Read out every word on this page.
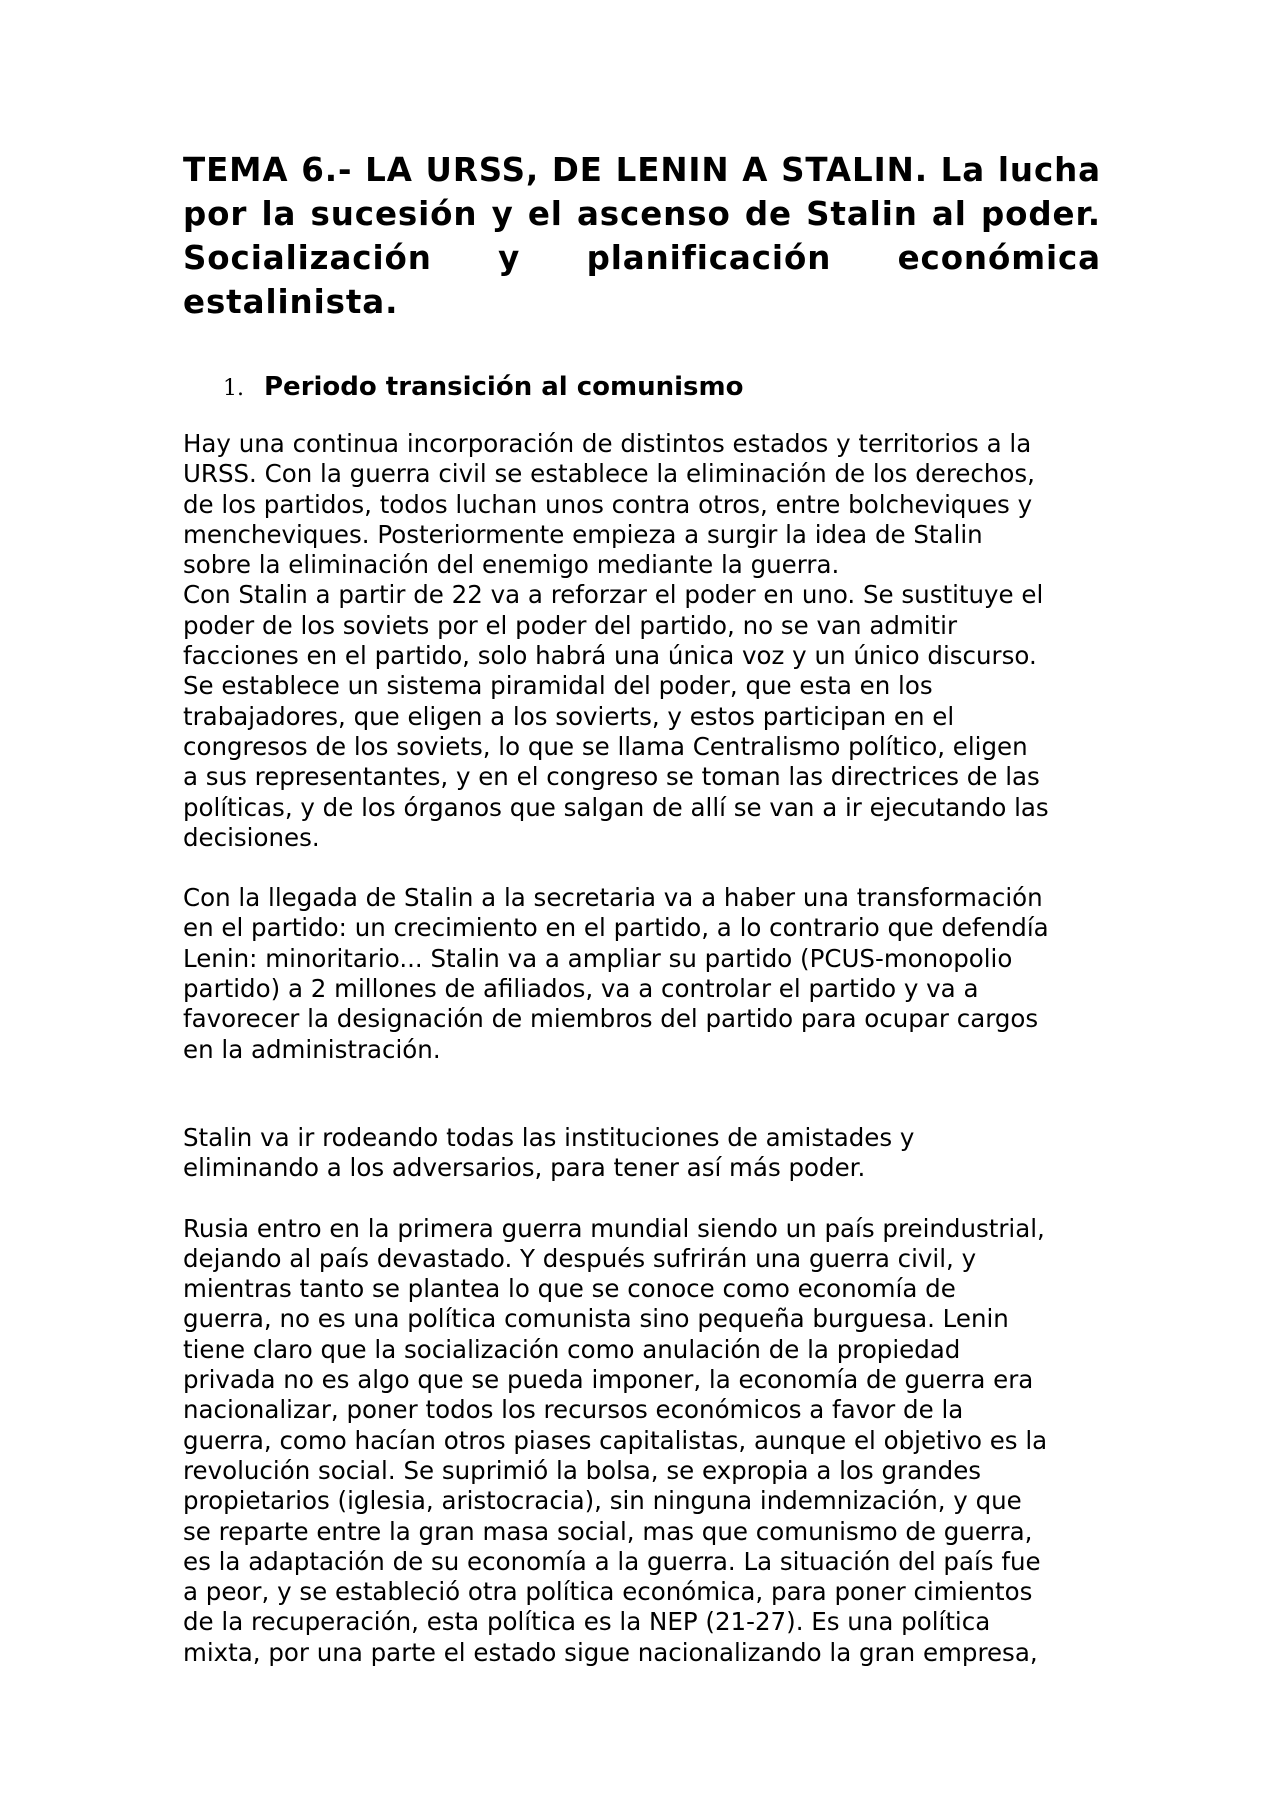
TEMA 6.- LA URSS, DE LENIN A STALIN. La lucha por la sucesión y el ascenso de Stalin al poder. Socialización y planificación económica estalinista.
1. Periodo transición al comunismo
Hay una continua incorporación de distintos estados y territorios a la
URSS. Con la guerra civil se establece la eliminación de los derechos,
de los partidos, todos luchan unos contra otros, entre bolcheviques y
mencheviques. Posteriormente empieza a surgir la idea de Stalin
sobre la eliminación del enemigo mediante la guerra.
Con Stalin a partir de 22 va a reforzar el poder en uno. Se sustituye el
poder de los soviets por el poder del partido, no se van admitir
facciones en el partido, solo habrá una única voz y un único discurso.
Se establece un sistema piramidal del poder, que esta en los
trabajadores, que eligen a los sovierts, y estos participan en el
congresos de los soviets, lo que se llama Centralismo político, eligen
a sus representantes, y en el congreso se toman las directrices de las
políticas, y de los órganos que salgan de allí se van a ir ejecutando las
decisiones.
Con la llegada de Stalin a la secretaria va a haber una transformación
en el partido: un crecimiento en el partido, a lo contrario que defendía
Lenin: minoritario... Stalin va a ampliar su partido (PCUS-monopolio
partido) a 2 millones de afiliados, va a controlar el partido y va a
favorecer la designación de miembros del partido para ocupar cargos
en la administración.
Stalin va ir rodeando todas las instituciones de amistades y
eliminando a los adversarios, para tener así más poder.
Rusia entro en la primera guerra mundial siendo un país preindustrial,
dejando al país devastado. Y después sufrirán una guerra civil, y
mientras tanto se plantea lo que se conoce como economía de
guerra, no es una política comunista sino pequeña burguesa. Lenin
tiene claro que la socialización como anulación de la propiedad
privada no es algo que se pueda imponer, la economía de guerra era
nacionalizar, poner todos los recursos económicos a favor de la
guerra, como hacían otros piases capitalistas, aunque el objetivo es la
revolución social. Se suprimió la bolsa, se expropia a los grandes
propietarios (iglesia, aristocracia), sin ninguna indemnización, y que
se reparte entre la gran masa social, mas que comunismo de guerra,
es la adaptación de su economía a la guerra. La situación del país fue
a peor, y se estableció otra política económica, para poner cimientos
de la recuperación, esta política es la NEP (21-27). Es una política
mixta, por una parte el estado sigue nacionalizando la gran empresa,
